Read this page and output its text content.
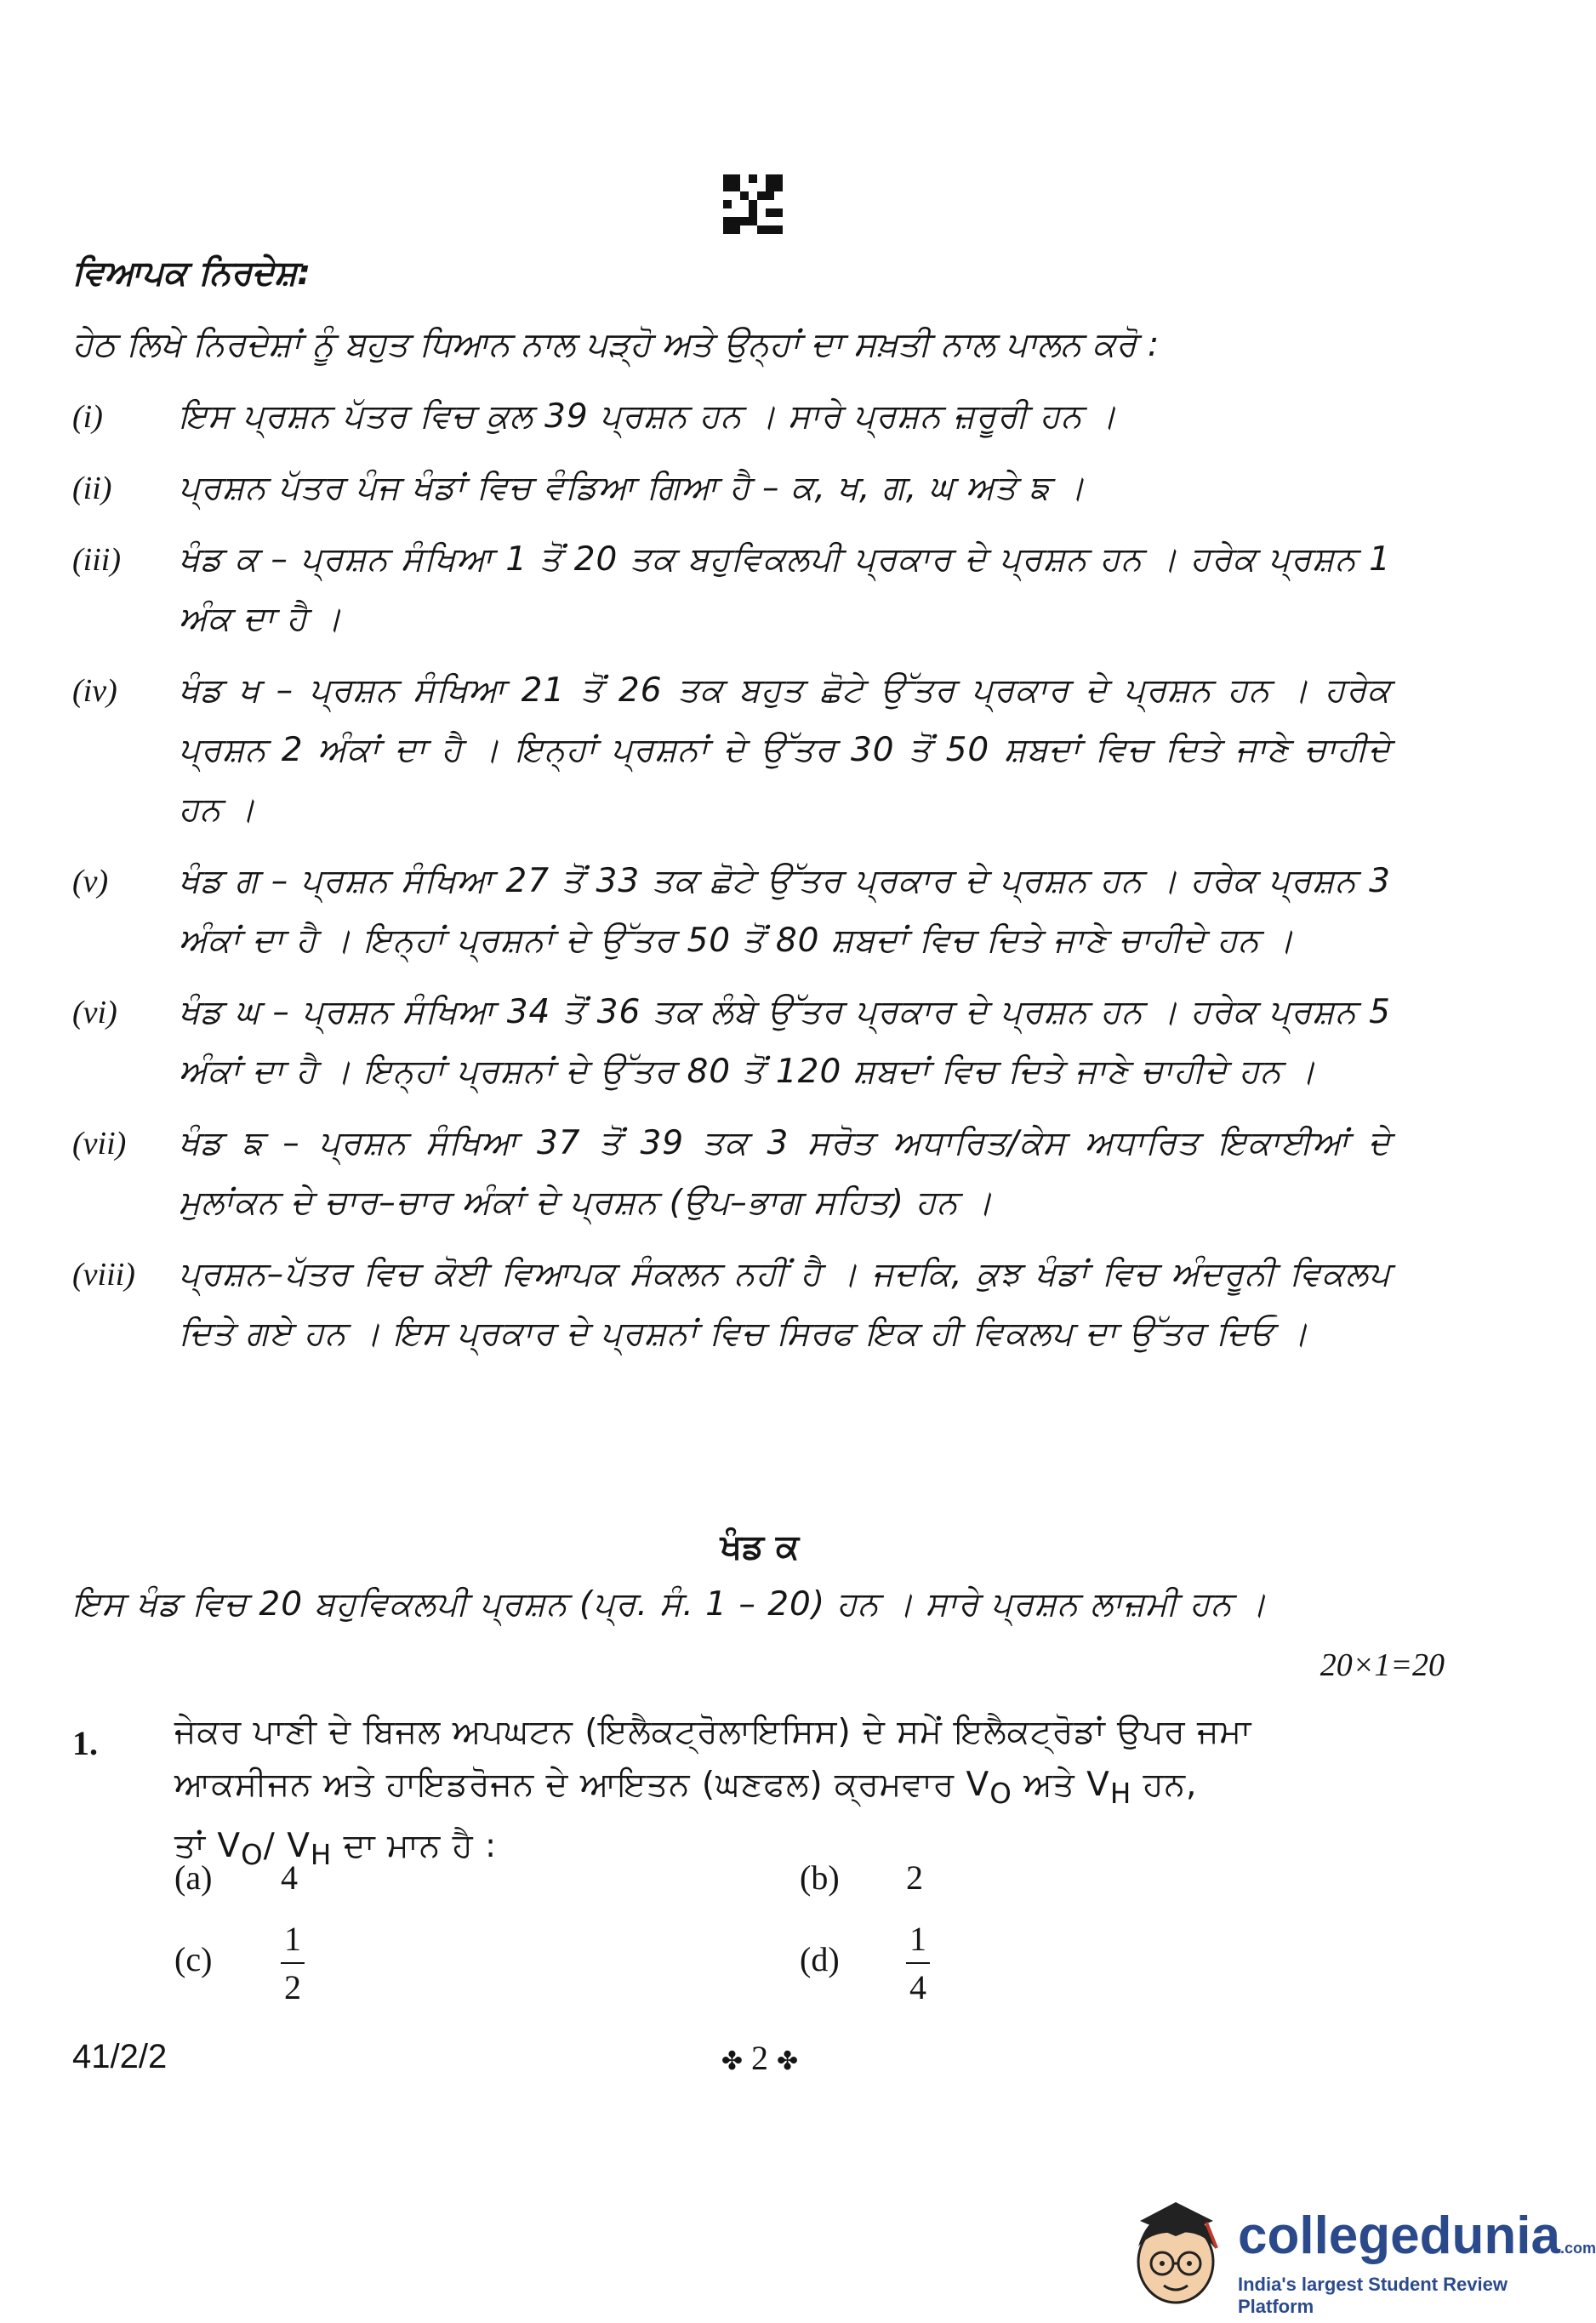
ਵਿਆਪਕ ਨਿਰਦੇਸ਼:
ਹੇਠ ਲਿਖੇ ਨਿਰਦੇਸ਼ਾਂ ਨੂੰ ਬਹੁਤ ਧਿਆਨ ਨਾਲ ਪੜ੍ਹੋ ਅਤੇ ਉਨ੍ਹਾਂ ਦਾ ਸਖ਼ਤੀ ਨਾਲ ਪਾਲਨ ਕਰੋ :
(i)	ਇਸ ਪ੍ਰਸ਼ਨ ਪੱਤਰ ਵਿਚ ਕੁਲ 39 ਪ੍ਰਸ਼ਨ ਹਨ । ਸਾਰੇ ਪ੍ਰਸ਼ਨ ਜ਼ਰੂਰੀ ਹਨ ।
(ii)	ਪ੍ਰਸ਼ਨ ਪੱਤਰ ਪੰਜ ਖੰਡਾਂ ਵਿਚ ਵੰਡਿਆ ਗਿਆ ਹੈ – ਕ, ਖ, ਗ, ਘ ਅਤੇ ਙ ।
(iii)	ਖੰਡ ਕ – ਪ੍ਰਸ਼ਨ ਸੰਖਿਆ 1 ਤੋਂ 20 ਤਕ ਬਹੁਵਿਕਲਪੀ ਪ੍ਰਕਾਰ ਦੇ ਪ੍ਰਸ਼ਨ ਹਨ । ਹਰੇਕ ਪ੍ਰਸ਼ਨ 1 ਅੰਕ ਦਾ ਹੈ ।
(iv)	ਖੰਡ ਖ – ਪ੍ਰਸ਼ਨ ਸੰਖਿਆ 21 ਤੋਂ 26 ਤਕ ਬਹੁਤ ਛੋਟੇ ਉੱਤਰ ਪ੍ਰਕਾਰ ਦੇ ਪ੍ਰਸ਼ਨ ਹਨ । ਹਰੇਕ ਪ੍ਰਸ਼ਨ 2 ਅੰਕਾਂ ਦਾ ਹੈ । ਇਨ੍ਹਾਂ ਪ੍ਰਸ਼ਨਾਂ ਦੇ ਉੱਤਰ 30 ਤੋਂ 50 ਸ਼ਬਦਾਂ ਵਿਚ ਦਿਤੇ ਜਾਣੇ ਚਾਹੀਦੇ ਹਨ ।
(v)	ਖੰਡ ਗ – ਪ੍ਰਸ਼ਨ ਸੰਖਿਆ 27 ਤੋਂ 33 ਤਕ ਛੋਟੇ ਉੱਤਰ ਪ੍ਰਕਾਰ ਦੇ ਪ੍ਰਸ਼ਨ ਹਨ । ਹਰੇਕ ਪ੍ਰਸ਼ਨ 3 ਅੰਕਾਂ ਦਾ ਹੈ । ਇਨ੍ਹਾਂ ਪ੍ਰਸ਼ਨਾਂ ਦੇ ਉੱਤਰ 50 ਤੋਂ 80 ਸ਼ਬਦਾਂ ਵਿਚ ਦਿਤੇ ਜਾਣੇ ਚਾਹੀਦੇ ਹਨ ।
(vi)	ਖੰਡ ਘ – ਪ੍ਰਸ਼ਨ ਸੰਖਿਆ 34 ਤੋਂ 36 ਤਕ ਲੰਬੇ ਉੱਤਰ ਪ੍ਰਕਾਰ ਦੇ ਪ੍ਰਸ਼ਨ ਹਨ । ਹਰੇਕ ਪ੍ਰਸ਼ਨ 5 ਅੰਕਾਂ ਦਾ ਹੈ । ਇਨ੍ਹਾਂ ਪ੍ਰਸ਼ਨਾਂ ਦੇ ਉੱਤਰ 80 ਤੋਂ 120 ਸ਼ਬਦਾਂ ਵਿਚ ਦਿਤੇ ਜਾਣੇ ਚਾਹੀਦੇ ਹਨ ।
(vii)	ਖੰਡ ਙ – ਪ੍ਰਸ਼ਨ ਸੰਖਿਆ 37 ਤੋਂ 39 ਤਕ 3 ਸਰੋਤ ਅਧਾਰਿਤ/ਕੇਸ ਅਧਾਰਿਤ ਇਕਾਈਆਂ ਦੇ ਮੁਲਾਂਕਨ ਦੇ ਚਾਰ–ਚਾਰ ਅੰਕਾਂ ਦੇ ਪ੍ਰਸ਼ਨ (ਉਪ–ਭਾਗ ਸਹਿਤ) ਹਨ ।
(viii)	ਪ੍ਰਸ਼ਨ–ਪੱਤਰ ਵਿਚ ਕੋਈ ਵਿਆਪਕ ਸੰਕਲਨ ਨਹੀਂ ਹੈ । ਜਦਕਿ, ਕੁਝ ਖੰਡਾਂ ਵਿਚ ਅੰਦਰੂਨੀ ਵਿਕਲਪ ਦਿਤੇ ਗਏ ਹਨ । ਇਸ ਪ੍ਰਕਾਰ ਦੇ ਪ੍ਰਸ਼ਨਾਂ ਵਿਚ ਸਿਰਫ ਇਕ ਹੀ ਵਿਕਲਪ ਦਾ ਉੱਤਰ ਦਿਓ ।
ਖੰਡ ਕ
ਇਸ ਖੰਡ ਵਿਚ 20 ਬਹੁਵਿਕਲਪੀ ਪ੍ਰਸ਼ਨ (ਪ੍ਰ. ਸੰ. 1 – 20) ਹਨ । ਸਾਰੇ ਪ੍ਰਸ਼ਨ ਲਾਜ਼ਮੀ ਹਨ ।
20×1=20
1. ਜੇਕਰ ਪਾਣੀ ਦੇ ਬਿਜਲ ਅਪਘਟਨ (ਇਲੈਕਟ੍ਰੋਲਾਇਸਿਸ) ਦੇ ਸਮੇਂ ਇਲੈਕਟ੍ਰੋਡਾਂ ਉਪਰ ਜਮਾ
ਆਕਸੀਜਨ ਅਤੇ ਹਾਇਡਰੋਜਨ ਦੇ ਆਇਤਨ (ਘਣਫਲ) ਕ੍ਰਮਵਾਰ $V_O$ ਅਤੇ $V_H$ ਹਨ,
ਤਾਂ $V_O/$ $V_H$ ਦਾ ਮਾਨ ਹੈ :
(a) 4	(b) 2
$(c) \frac{1}{2}$	$(d) \frac{1}{4}$
41/2/2	✤ 2 ✤
collegedunia.com
India's largest Student Review Platform
